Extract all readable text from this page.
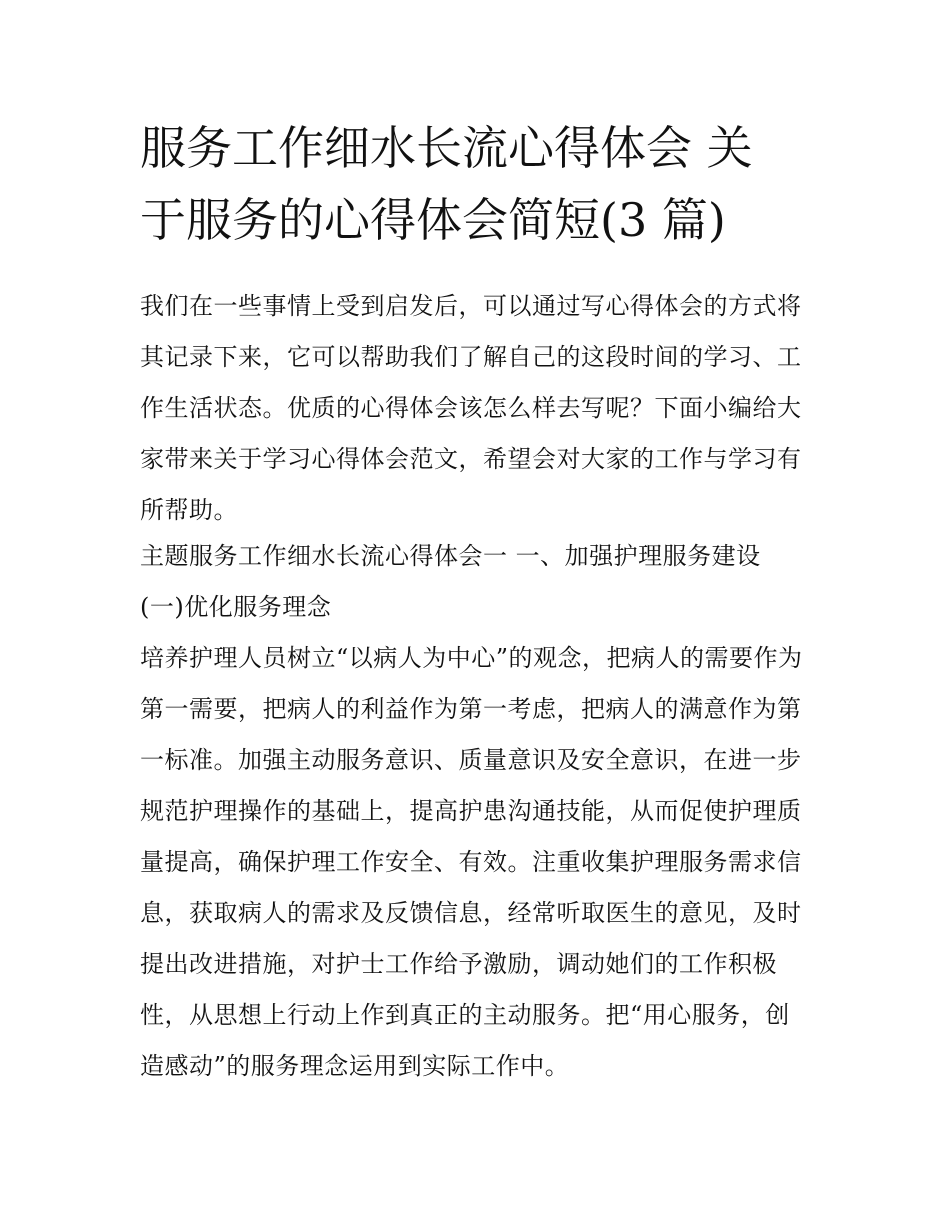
服务工作细水长流心得体会 关
于服务的心得体会简短(3 篇)

我们在一些事情上受到启发后，可以通过写心得体会的方式将其记录下来，它可以帮助我们了解自己的这段时间的学习、工作生活状态。优质的心得体会该怎么样去写呢？下面小编给大家带来关于学习心得体会范文，希望会对大家的工作与学习有所帮助。

主题服务工作细水长流心得体会一 一、加强护理服务建设

(一)优化服务理念

培养护理人员树立“以病人为中心”的观念，把病人的需要作为第一需要，把病人的利益作为第一考虑，把病人的满意作为第一标准。加强主动服务意识、质量意识及安全意识，在进一步规范护理操作的基础上，提高护患沟通技能，从而促使护理质量提高，确保护理工作安全、有效。注重收集护理服务需求信息，获取病人的需求及反馈信息，经常听取医生的意见，及时提出改进措施，对护士工作给予激励，调动她们的工作积极性，从思想上行动上作到真正的主动服务。把“用心服务，创造感动”的服务理念运用到实际工作中。
